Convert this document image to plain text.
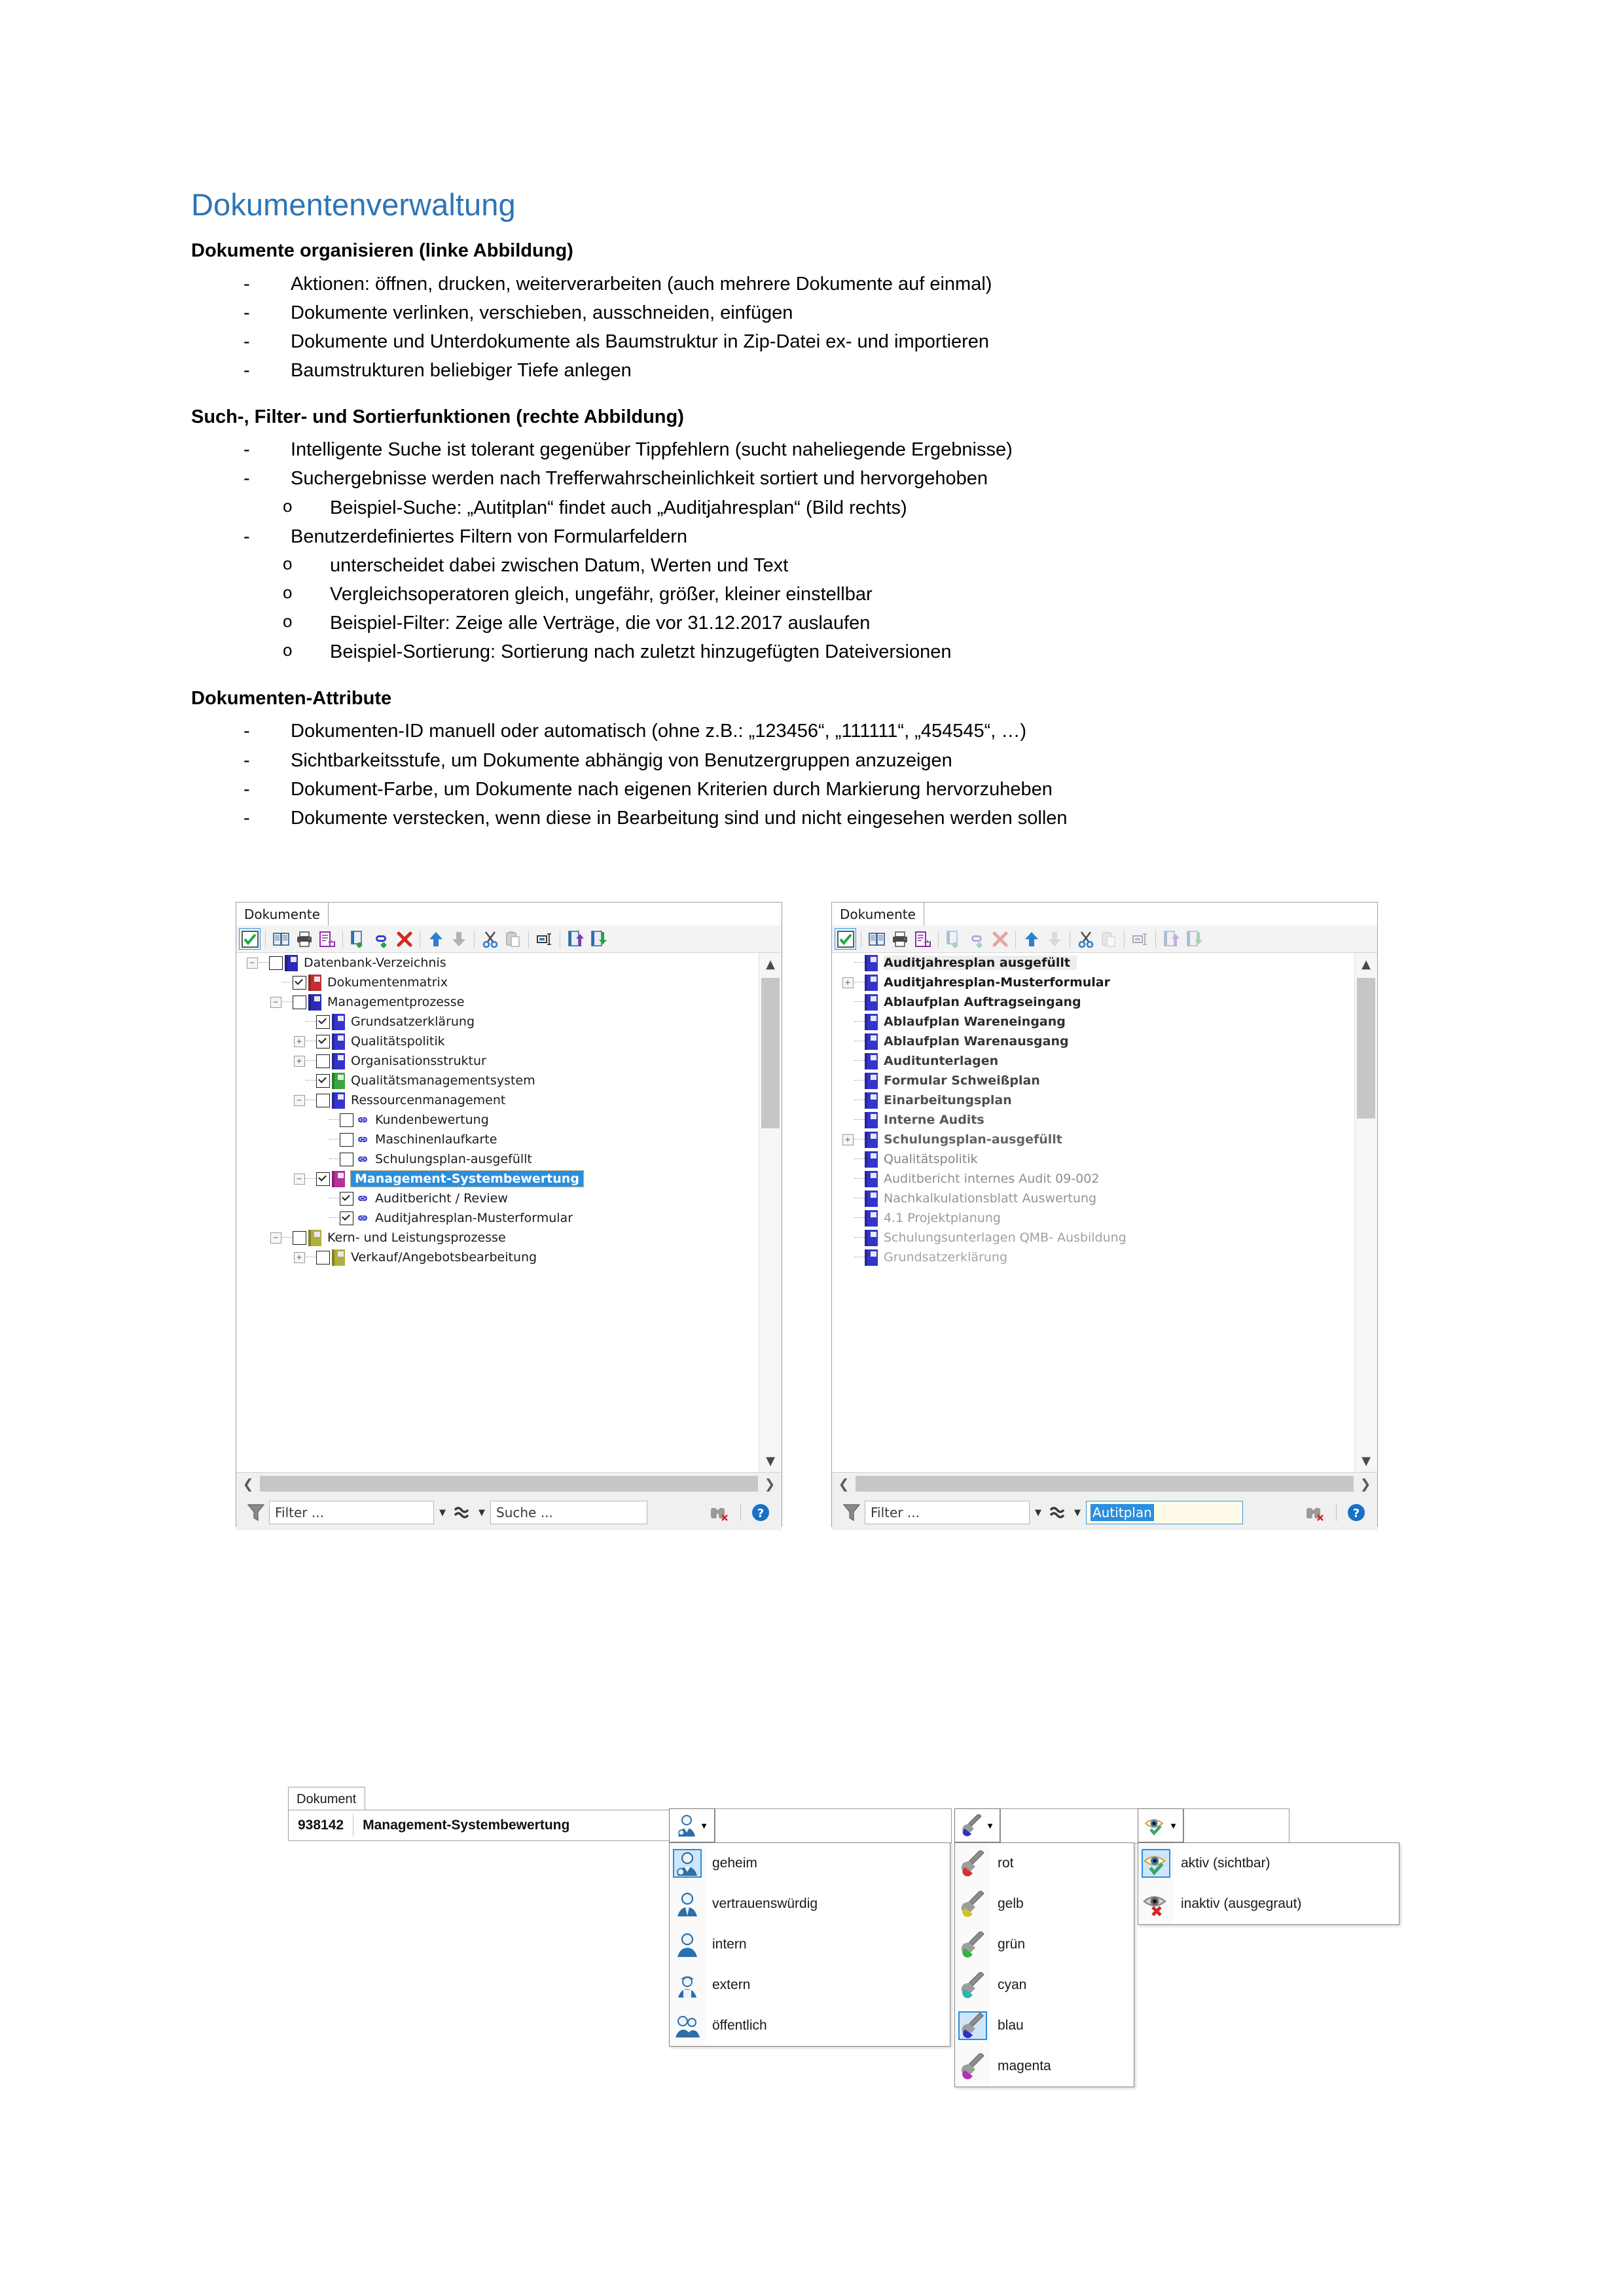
Dokumentenverwaltung
Dokumente organisieren (linke Abbildung)
- Aktionen: öffnen, drucken, weiterverarbeiten (auch mehrere Dokumente auf einmal)
- Dokumente verlinken, verschieben, ausschneiden, einfügen
- Dokumente und Unterdokumente als Baumstruktur in Zip-Datei ex- und importieren
- Baumstrukturen beliebiger Tiefe anlegen
Such-, Filter- und Sortierfunktionen (rechte Abbildung)
- Intelligente Suche ist tolerant gegenüber Tippfehlern (sucht naheliegende Ergebnisse)
- Suchergebnisse werden nach Trefferwahrscheinlichkeit sortiert und hervorgehoben
o Beispiel-Suche: „Autitplan“ findet auch „Auditjahresplan“ (Bild rechts)
- Benutzerdefiniertes Filtern von Formularfeldern
o unterscheidet dabei zwischen Datum, Werten und Text
o Vergleichsoperatoren gleich, ungefähr, größer, kleiner einstellbar
o Beispiel-Filter: Zeige alle Verträge, die vor 31.12.2017 auslaufen
o Beispiel-Sortierung: Sortierung nach zuletzt hinzugefügten Dateiversionen
Dokumenten-Attribute
- Dokumenten-ID manuell oder automatisch (ohne z.B.: „123456“, „111111“, „454545“, …)
- Sichtbarkeitsstufe, um Dokumente abhängig von Benutzergruppen anzuzeigen
- Dokument-Farbe, um Dokumente nach eigenen Kriterien durch Markierung hervorzuheben
- Dokumente verstecken, wenn diese in Bearbeitung sind und nicht eingesehen werden sollen
Dokumente
▲
▼
−	Datenbank-Verzeichnis
Dokumentenmatrix
−	Managementprozesse
Grundsatzerklärung
+	Qualitätspolitik
+	Organisationsstruktur
Qualitätsmanagementsystem
−	Ressourcenmanagement
Kundenbewertung
Maschinenlaufkarte
Schulungsplan-ausgefüllt
−	Management-Systembewertung
Auditbericht / Review
Auditjahresplan-Musterformular
−	Kern- und Leistungsprozesse
+	Verkauf/Angebotsbearbeitung
❮	❯
Filter ...	▼	▼ Suche ...	?
Dokumente
▲
▼
Auditjahresplan ausgefüllt
+	Auditjahresplan-Musterformular
Ablaufplan Auftragseingang
Ablaufplan Wareneingang
Ablaufplan Warenausgang
Auditunterlagen
Formular Schweißplan
Einarbeitungsplan
Interne Audits
+	Schulungsplan-ausgefüllt
Qualitätspolitik
Auditbericht internes Audit 09-002
Nachkalkulationsblatt Auswertung
4.1 Projektplanung
Schulungsunterlagen QMB- Ausbildung
Grundsatzerklärung
❮	❯
Filter ...	▼	▼ Autitplan	?
Dokument
938142	Management-Systembewertung	▼
geheim
vertrauenswürdig
intern
extern
öffentlich
▼
rot
gelb
grün
cyan
blau
magenta
▼
aktiv (sichtbar)
inaktiv (ausgegraut)
